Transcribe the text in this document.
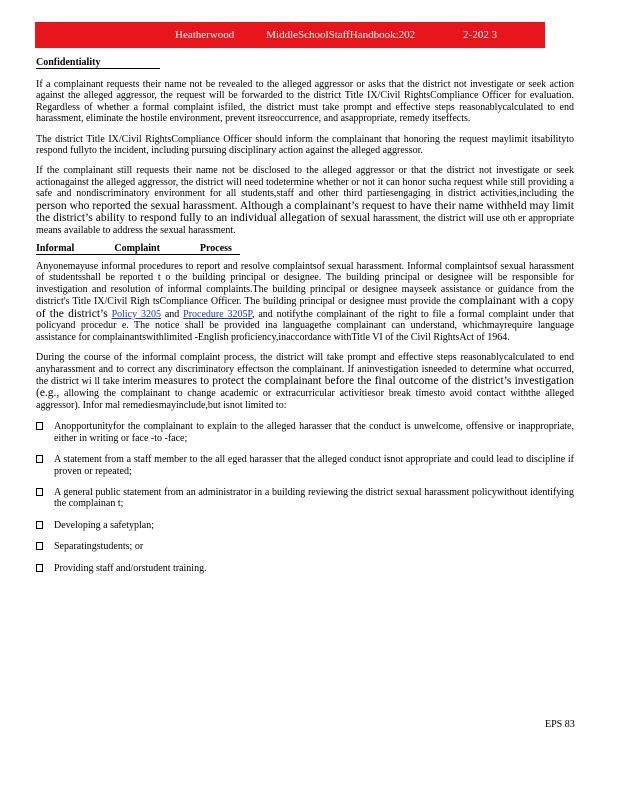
Heatherwood	MiddleSchoolStaffHandbook:202	2-202 3
Confidentiality

If a complainant requests their name not be revealed to the alleged aggressor or asks that the district not investigate or seek action against the alleged aggressor, the request will be forwarded to the district Title IX/Civil RightsCompliance Officer for evaluation. Regardless of whether a formal complaint isfiled, the district must take prompt and effective steps reasonablycalculated to end harassment, eliminate the hostile environment, prevent itsreoccurrence, and asappropriate, remedy itseffects.

The district Title IX/Civil RightsCompliance Officer should inform the complainant that honoring the request maylimit itsabilityto respond fullyto the incident, including pursuing disciplinary action against the alleged aggressor.

If the complainant still requests their name not be disclosed to the alleged aggressor or that the district not investigate or seek actionagainst the alleged aggressor, the district will need todetermine whether or not it can honor sucha request while still providing a safe and nondiscriminatory environment for all students,staff and other third partiesengaging in district activities,including the person who reported the sexual harassment. Although a complainant’s request to have their name withheld may limit the district’s ability to respond fully to an individual allegation of sexual harassment, the district will use oth er appropriate means available to address the sexual harassment.

Informal	Complaint	Process

Anyonemayuse informal procedures to report and resolve complaintsof sexual harassment. Informal complaintsof sexual harassment of studentsshall be reported t o the building principal or designee. The building principal or designee will be responsible for investigation and resolution of informal complaints.The building principal or designee mayseek assistance or guidance from the district's Title IX/Civil Righ tsCompliance Officer. The building principal or designee must provide the complainant with a copy of the district’s Policy 3205 and Procedure 3205P, and notifythe complainant of the right to file a formal complaint under that policyand procedur e. The notice shall be provided ina languagethe complainant can understand, whichmayrequire language assistance for complainantswithlimited -English proficiency,inaccordance withTitle VI of the Civil RightsAct of 1964.

During the course of the informal complaint process, the district will take prompt and effective steps reasonablycalculated to end anyharassment and to correct any discriminatory effectson the complainant. If aninvestigation isneeded to determine what occurred, the district wi ll take interim measures to protect the complainant before the final outcome of the district’s investigation (e.g., allowing the complainant to change academic or extracurricular activitiesor break timesto avoid contact withthe alleged aggressor). Infor mal remediesmayinclude,but isnot limited to:

Anopportunityfor the complainant to explain to the alleged harasser that the conduct is unwelcome, offensive or inappropriate, either in writing or face -to -face;
A statement from a staff member to the all eged harasser that the alleged conduct isnot appropriate and could lead to discipline if proven or repeated;
A general public statement from an administrator in a building reviewing the district sexual harassment policywithout identifying the complainan t;
Developing a safetyplan;
Separatingstudents; or
Providing staff and/orstudent training.
EPS 83
